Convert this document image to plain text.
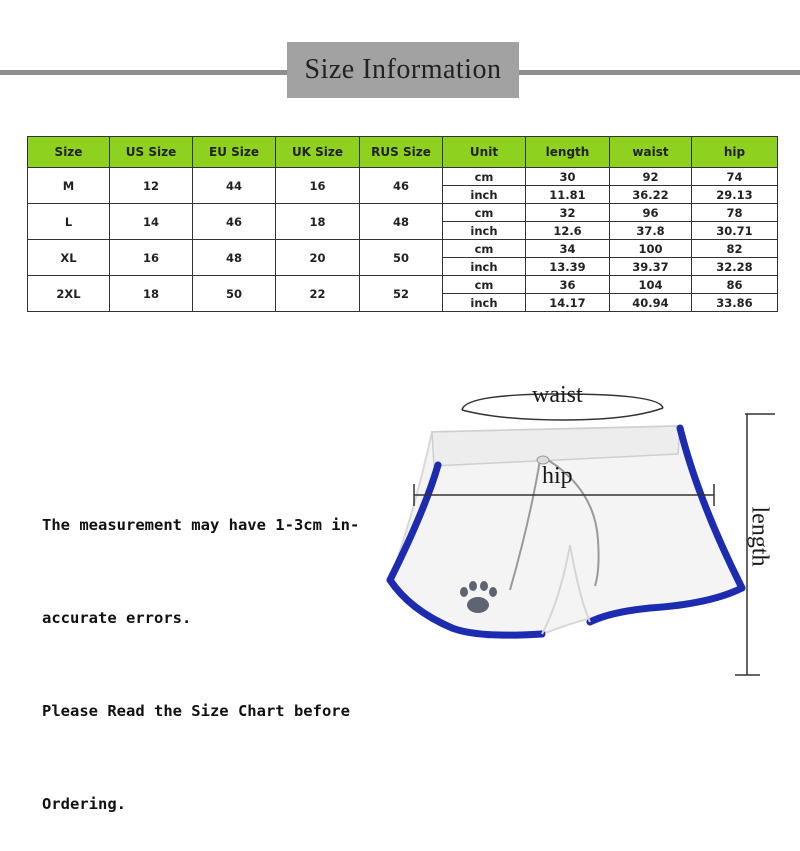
Size Information
Size	US Size	EU Size	UK Size	RUS Size	Unit	length	waist	hip
M	12	44	16	46	cm	30	92	74
					inch	11.81	36.22	29.13
L	14	46	18	48	cm	32	96	78
					inch	12.6	37.8	30.71
XL	16	48	20	50	cm	34	100	82
					inch	13.39	39.37	32.28
2XL	18	50	22	52	cm	36	104	86
					inch	14.17	40.94	33.86

The measurement may have 1-3cm in-

accurate errors.

Please Read the Size Chart before

Ordering.

waist
hip
length
